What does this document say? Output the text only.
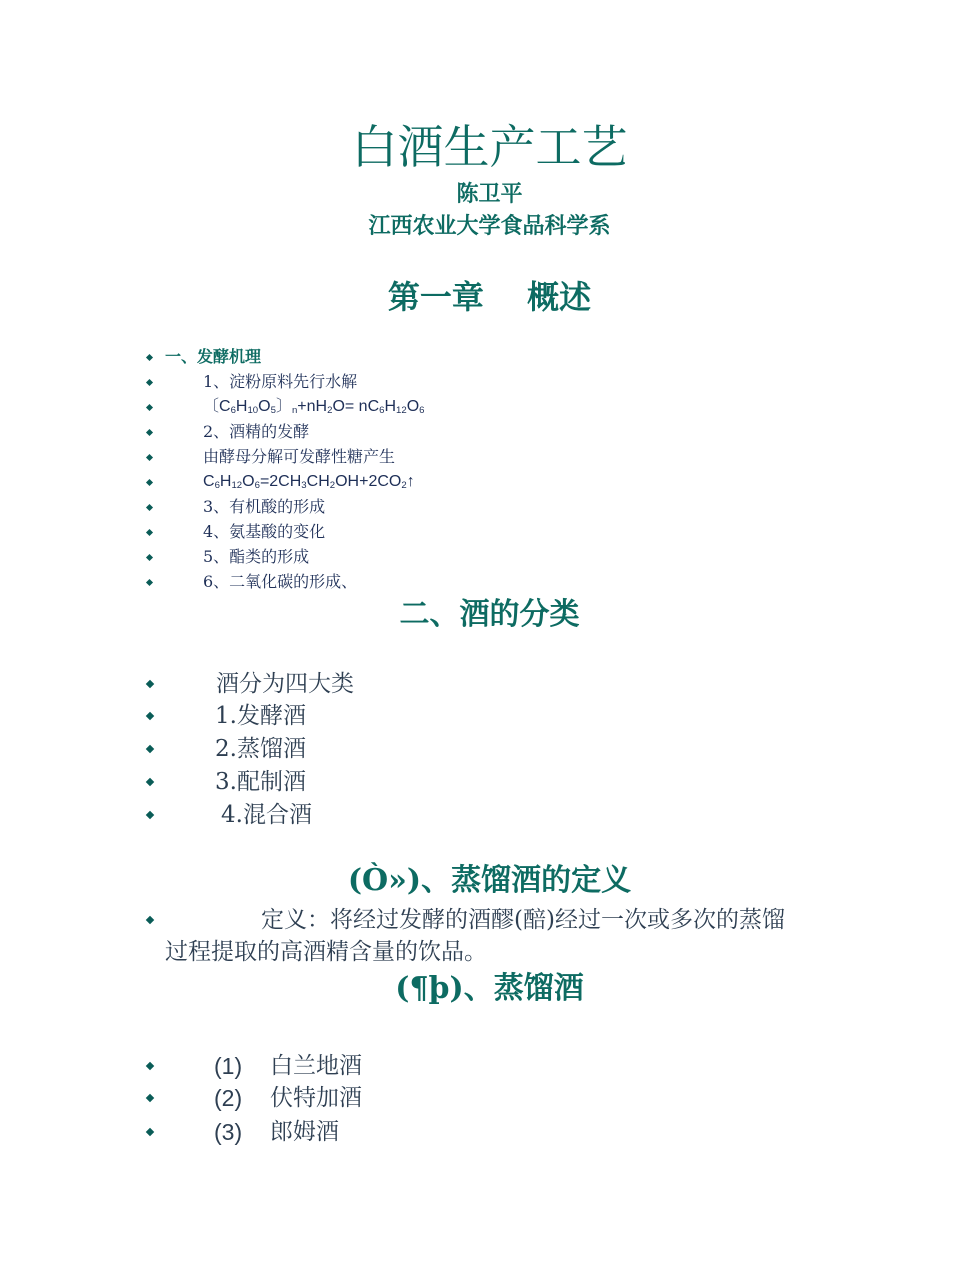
白酒生产工艺
陈卫平
江西农业大学食品科学系
第一章　 概述
一、发酵机理
1、淀粉原料先行水解
〔$C_6H_{10}O_5$〕$_n+nH_2O= nC_6H_{12}O_6$
2、酒精的发酵
由酵母分解可发酵性糖产生
$C_6H_{12}O_6=2CH_3CH_2OH+2CO_2↑$
3、有机酸的形成
4、氨基酸的变化
5、酯类的形成
6、二氧化碳的形成、
二、酒的分类
酒分为四大类
1.发酵酒
2.蒸馏酒
3.配制酒
4.混合酒
(Ò»)、蒸馏酒的定义
定义：将经过发酵的酒醪(醅)经过一次或多次的蒸馏
过程提取的高酒精含量的饮品。
(¶þ)、蒸馏酒
(1) 白兰地酒
(2) 伏特加酒
(3) 郎姆酒
